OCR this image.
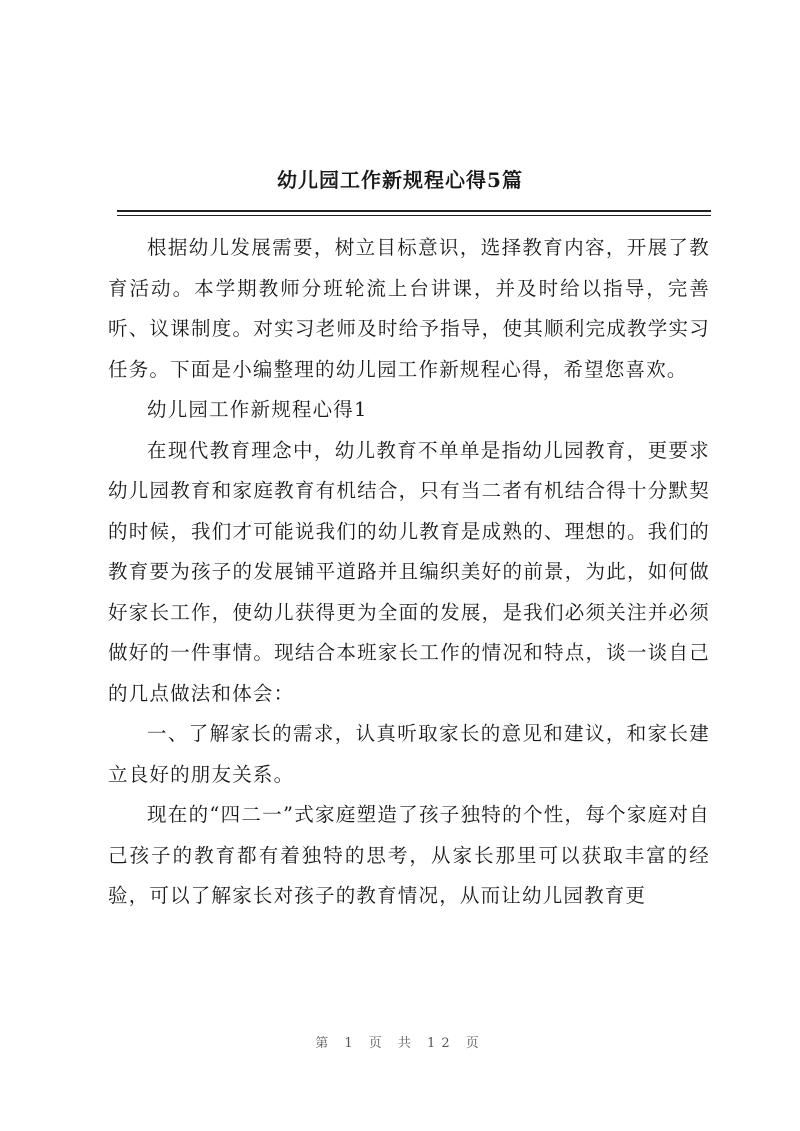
幼儿园工作新规程心得5篇

根据幼儿发展需要，树立目标意识，选择教育内容，开展了教育活动。本学期教师分班轮流上台讲课，并及时给以指导，完善听、议课制度。对实习老师及时给予指导，使其顺利完成教学实习任务。下面是小编整理的幼儿园工作新规程心得，希望您喜欢。

幼儿园工作新规程心得1

在现代教育理念中，幼儿教育不单单是指幼儿园教育，更要求幼儿园教育和家庭教育有机结合，只有当二者有机结合得十分默契的时候，我们才可能说我们的幼儿教育是成熟的、理想的。我们的教育要为孩子的发展铺平道路并且编织美好的前景，为此，如何做好家长工作，使幼儿获得更为全面的发展，是我们必须关注并必须做好的一件事情。现结合本班家长工作的情况和特点，谈一谈自己的几点做法和体会：

一、了解家长的需求，认真听取家长的意见和建议，和家长建立良好的朋友关系。

现在的“四二一”式家庭塑造了孩子独特的个性，每个家庭对自己孩子的教育都有着独特的思考，从家长那里可以获取丰富的经验，可以了解家长对孩子的教育情况，从而让幼儿园教育更

第 1 页 共 12 页
